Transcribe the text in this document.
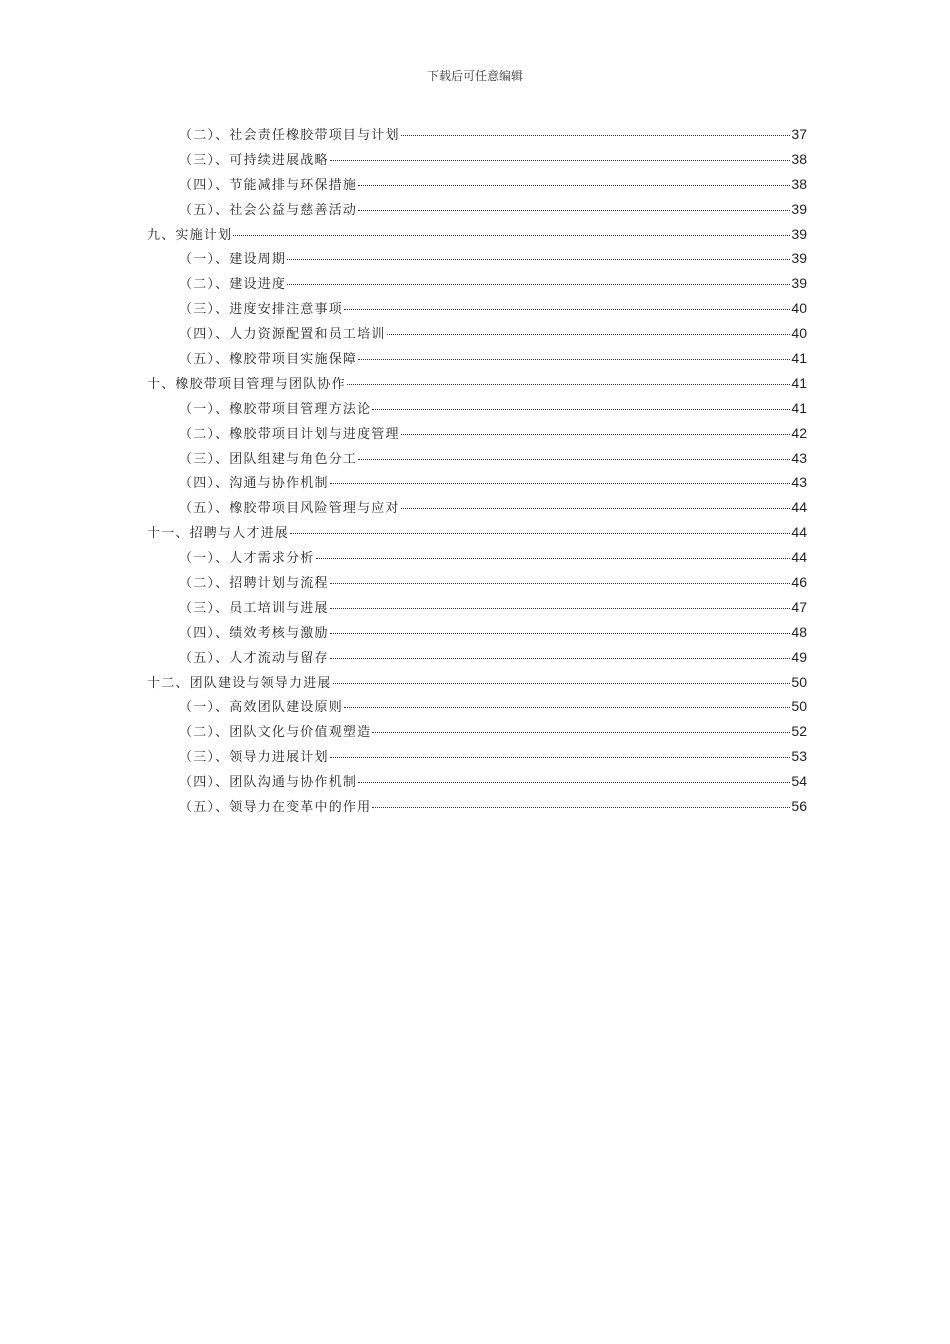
下载后可任意编辑
（二）、社会责任橡胶带项目与计划	37
（三）、可持续进展战略	38
（四）、节能减排与环保措施	38
（五）、社会公益与慈善活动	39
九、实施计划	39
（一）、建设周期	39
（二）、建设进度	39
（三）、进度安排注意事项	40
（四）、人力资源配置和员工培训	40
（五）、橡胶带项目实施保障	41
十、橡胶带项目管理与团队协作	41
（一）、橡胶带项目管理方法论	41
（二）、橡胶带项目计划与进度管理	42
（三）、团队组建与角色分工	43
（四）、沟通与协作机制	43
（五）、橡胶带项目风险管理与应对	44
十一、招聘与人才进展	44
（一）、人才需求分析	44
（二）、招聘计划与流程	46
（三）、员工培训与进展	47
（四）、绩效考核与激励	48
（五）、人才流动与留存	49
十二、团队建设与领导力进展	50
（一）、高效团队建设原则	50
（二）、团队文化与价值观塑造	52
（三）、领导力进展计划	53
（四）、团队沟通与协作机制	54
（五）、领导力在变革中的作用	56
